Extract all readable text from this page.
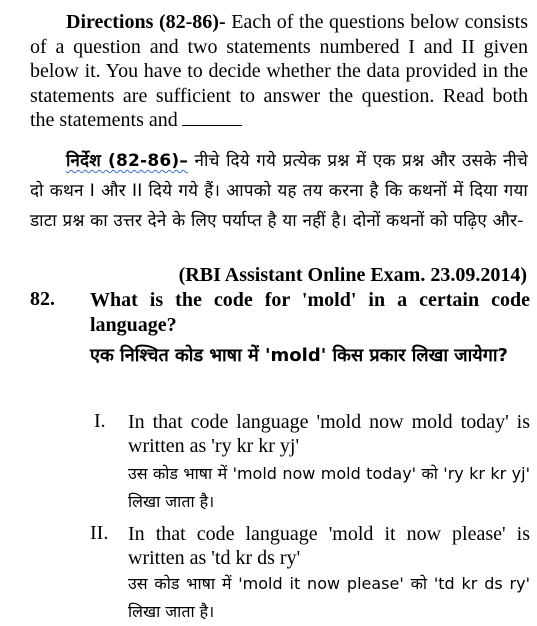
Directions (82-86)- Each of the questions below consists of a question and two statements numbered I and II given below it. You have to decide whether the data provided in the statements are sufficient to answer the question. Read both the statements and

निर्देश (82-86)– नीचे दिये गये प्रत्येक प्रश्न में एक प्रश्न और उसके नीचे दो कथन I और II दिये गये हैं। आपको यह तय करना है कि कथनों में दिया गया डाटा प्रश्न का उत्तर देने के लिए पर्याप्त है या नहीं है। दोनों कथनों को पढ़िए और-

(RBI Assistant Online Exam. 23.09.2014)
82. What is the code for 'mold' in a certain code language?
एक निश्चित कोड भाषा में 'mold' किस प्रकार लिखा जायेगा?
I. In that code language 'mold now mold today' is written as 'ry kr kr yj'
उस कोड भाषा में 'mold now mold today' को 'ry kr kr yj' लिखा जाता है।
II. In that code language 'mold it now please' is written as 'td kr ds ry'
उस कोड भाषा में 'mold it now please' को 'td kr ds ry' लिखा जाता है।
